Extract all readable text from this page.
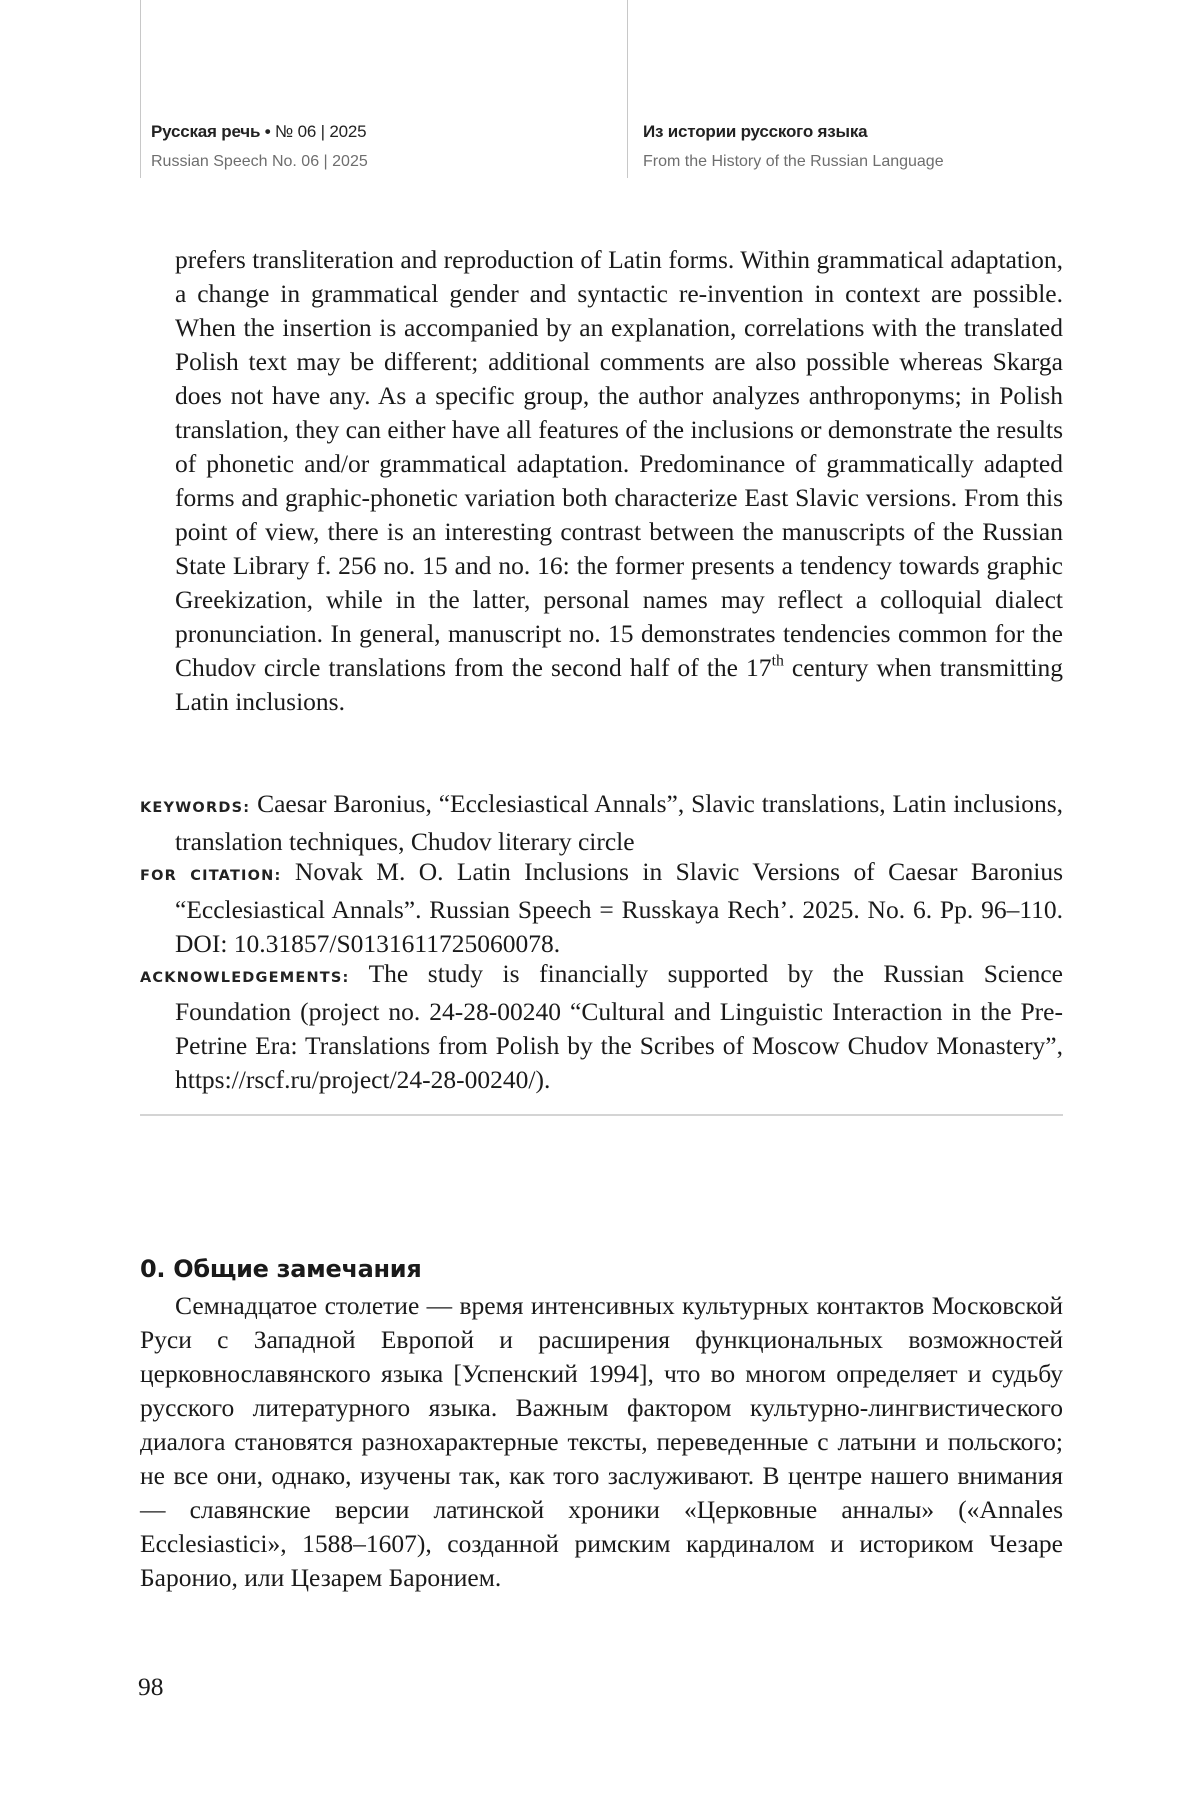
Русская речь • № 06 | 2025
Russian Speech No. 06 | 2025
Из истории русского языка
From the History of the Russian Language

prefers transliteration and reproduction of Latin forms. Within grammatical adaptation, a change in grammatical gender and syntactic re-invention in context are possible. When the insertion is accompanied by an explanation, correlations with the translated Polish text may be different; additional comments are also possible whereas Skarga does not have any. As a specific group, the author analyzes anthroponyms; in Polish translation, they can either have all features of the inclusions or demonstrate the results of phonetic and/or grammatical adaptation. Predominance of grammatically adapted forms and graphic-phonetic variation both characterize East Slavic versions. From this point of view, there is an interesting contrast between the manuscripts of the Russian State Library f. 256 no. 15 and no. 16: the former presents a tendency towards graphic Greekization, while in the latter, personal names may reflect a colloquial dialect pronunciation. In general, manuscript no. 15 demonstrates tendencies common for the Chudov circle translations from the second half of the 17th century when transmitting Latin inclusions.

KEYWORDS: Caesar Baronius, “Ecclesiastical Annals”, Slavic translations, Latin inclusions, translation techniques, Chudov literary circle

FOR CITATION: Novak M. O. Latin Inclusions in Slavic Versions of Caesar Baronius “Ecclesiastical Annals”. Russian Speech = Russkaya Rech’. 2025. No. 6. Pp. 96–110. DOI: 10.31857/S0131611725060078.

ACKNOWLEDGEMENTS: The study is financially supported by the Russian Science Foundation (project no. 24-28-00240 “Cultural and Linguistic Interaction in the Pre-Petrine Era: Translations from Polish by the Scribes of Moscow Chudov Monastery”, https://rscf.ru/project/24-28-00240/).

0. Общие замечания

Семнадцатое столетие — время интенсивных культурных контактов Московской Руси с Западной Европой и расширения функциональных возможностей церковнославянского языка [Успенский 1994], что во многом определяет и судьбу русского литературного языка. Важным фактором культурно-лингвистического диалога становятся разнохарактерные тексты, переведенные с латыни и польского; не все они, однако, изучены так, как того заслуживают. В центре нашего внимания — славянские версии латинской хроники «Церковные анналы» («Annales Ecclesiastici», 1588–1607), созданной римским кардиналом и историком Чезаре Баронио, или Цезарем Баронием.

98
